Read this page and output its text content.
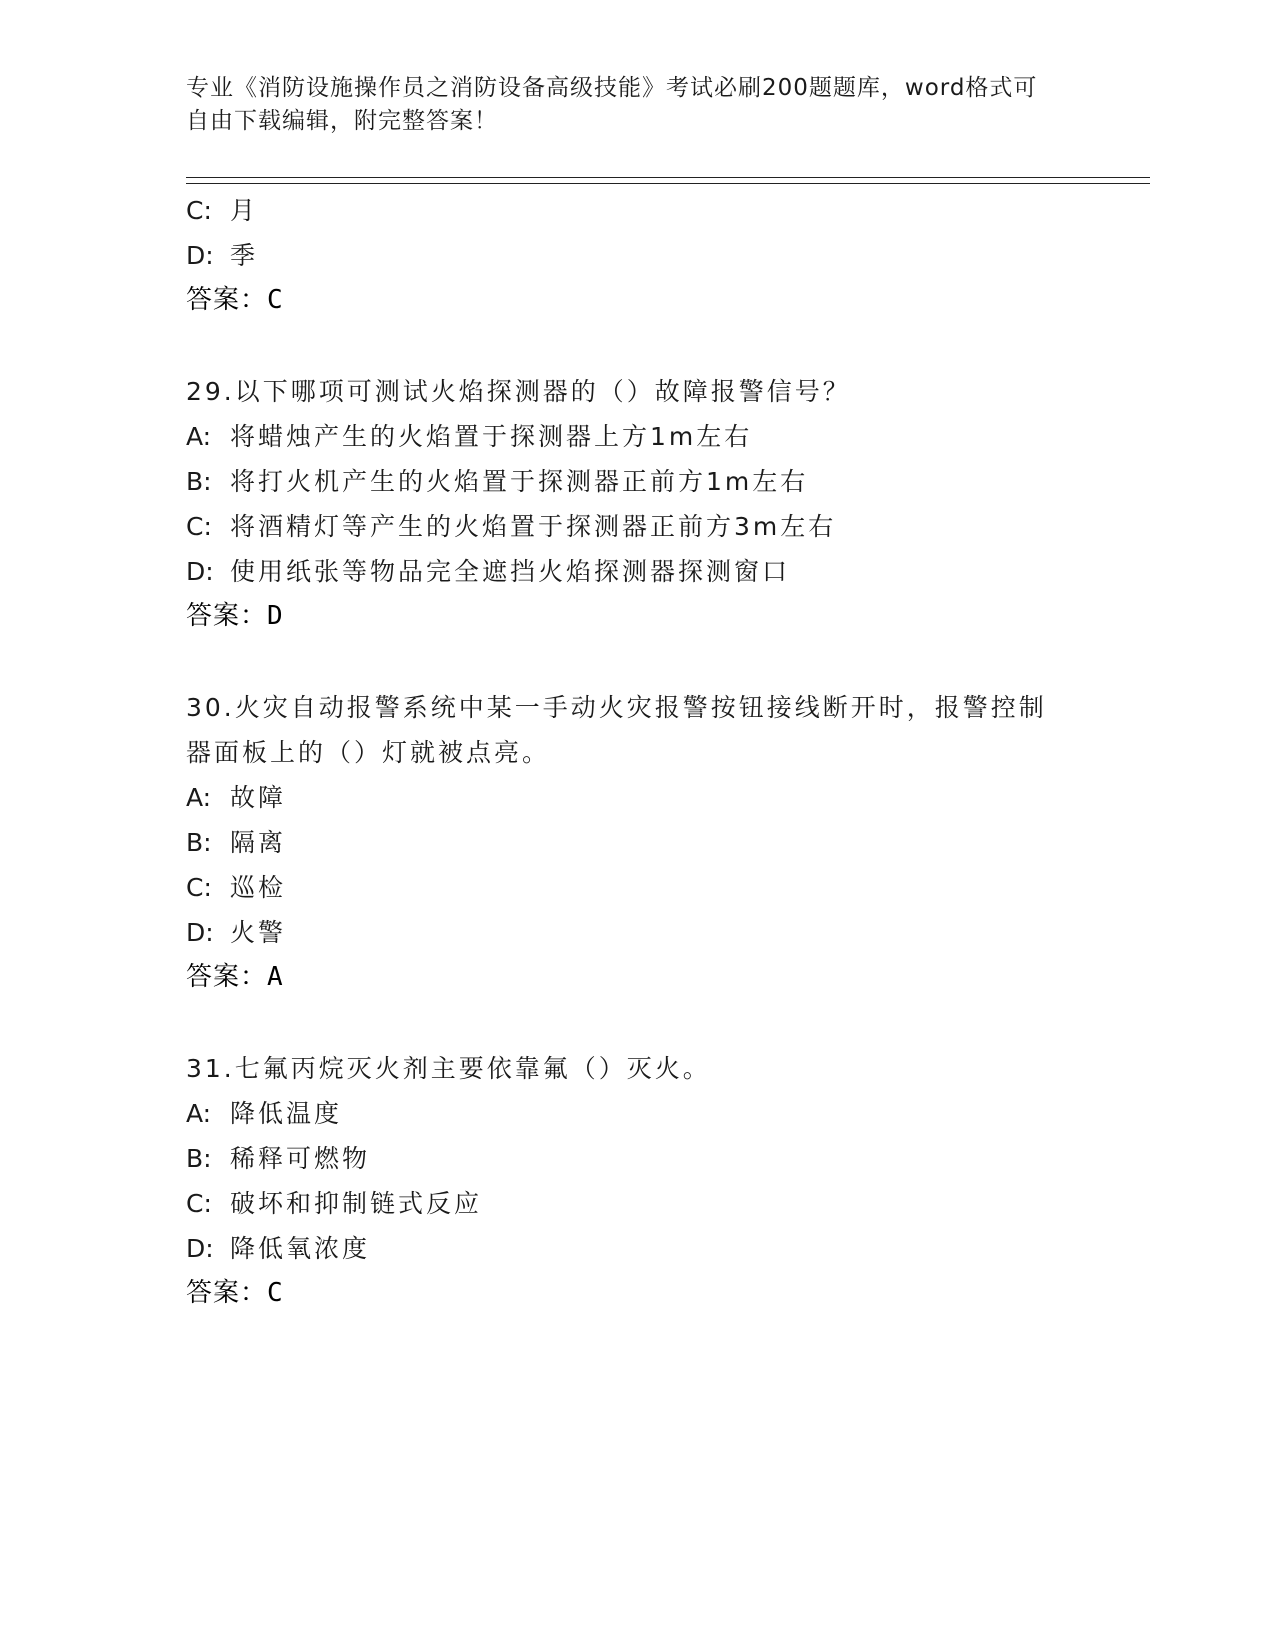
专业《消防设施操作员之消防设备高级技能》考试必刷200题题库，word格式可
自由下载编辑，附完整答案！
C: 月
D: 季
答案：C
29.以下哪项可测试火焰探测器的（）故障报警信号？
A: 将蜡烛产生的火焰置于探测器上方1m左右
B: 将打火机产生的火焰置于探测器正前方1m左右
C: 将酒精灯等产生的火焰置于探测器正前方3m左右
D: 使用纸张等物品完全遮挡火焰探测器探测窗口
答案：D
30.火灾自动报警系统中某一手动火灾报警按钮接线断开时，报警控制
器面板上的（）灯就被点亮。
A: 故障
B: 隔离
C: 巡检
D: 火警
答案：A
31.七氟丙烷灭火剂主要依靠氟（）灭火。
A: 降低温度
B: 稀释可燃物
C: 破坏和抑制链式反应
D: 降低氧浓度
答案：C
